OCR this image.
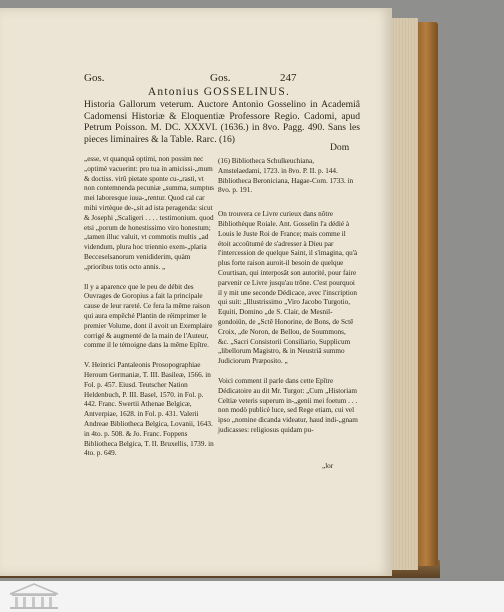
Gos.	Gos.	247
Antonius GOSSELINUS.
Historia Gallorum veterum. Auctore Antonio Gosselino in Academiâ Cadomensi Historiæ & Eloquentiæ Professore Regio. Cadomi, apud Petrum Poisson. M. DC. XXXVI. (1636.) in 8vo. Pagg. 490. Sans les pieces liminaires & la Table. Rarc. (16)
Dom

„esse, vt quanquâ optimi, non possim nec „optimè vacuerint: pro tua in amicissi-„mum & doctiss. virû pietate sponte cu-„rasti, vt non contemnenda pecuniæ „summa, sumptus mei laboresque iuua-„rentur. Quod cal car mihi virtèque de-„sit ad ista peragenda: sicut & Josephi „Scaligeri . . . . testimonium. quod etsi „porum de honestissimo viro honestum; „tamen illuc valuit, vt commotis multis „ad videndum, plura hoc triennio exem-„plaria Becceselsanorum venididerim, quàm „prioribus totis octo annis. „

Il y a aparence que le peu de débit des Ouvrages de Goropius a fait la principale cause de leur rareté. Ce fera la même raison qui aura empêché Plantin de réimprimer le premier Volume, dont il avoit un Exemplaire corrigé & augmenté de la main de l'Auteur, comme il le témoigne dans la même Epître.

V. Heinrici Pantaleonis Prosopographiae Heroum Germaniæ, T. III. Basileæ, 1566. in Fol. p. 457. Eiusd. Teutscher Nation Heldenbuch, P. III. Basel, 1570. in Fol. p. 442. Franc. Swertii Athenae Belgicæ, Antverpiae, 1628. in Fol. p. 431. Valerii Andreae Bibliotheca Belgica, Lovanii, 1643. in 4to. p. 508. & Jo. Franc. Foppens Bibliotheca Belgica, T. II. Bruxellis, 1739. in 4to. p. 649.

(16) Bibliotheca Schulkeuchiana, Amstelaedami, 1723. in 8vo. P. II. p. 144. Bibliotheca Beroniciana, Hagae-Com. 1733. in 8vo. p. 191.

On trouvera ce Livre curieux dans nôtre Bibliothèque Roiale. Ant. Gosselin l'a dédié à Louis le Juste Roi de France; mais comme il étoit accoûtumé de s'adresser à Dieu par l'intercession de quelque Saint, il s'imagina, qu'à plus forte raison auroit-il besoin de quelque Courtisan, qui interposât son autorité, pour faire parvenir ce Livre jusqu'au trône. C'est pourquoi il y mit une seconde Dédicace, avec l'inscription qui suit: „Illustrissimo „Viro Jacobo Turgotio, Equiti, Domino „de S. Clair, de Mesnil-gondoiün, de „Sctê Honorine, de Bons, de Sctê Croix, „de Noron, de Bellou, de Soummons, &c. „Sacri Consistorii Consiliario, Supplicum „libellorum Magistro, & in Neustriâ summo Judiciorum Præposito. „

Voici comment il parle dans cette Epître Dédicatoire au dit Mr. Turgot: „Cum „Historiam Celtiæ veteris superum in-„genii mei foetum . . . non modò publicè luce, sed Rege etiam, cui vel ipso „nomine dicanda videatur, haud indi-„gnam judicasses: religiosus quidam pu-

„lor
